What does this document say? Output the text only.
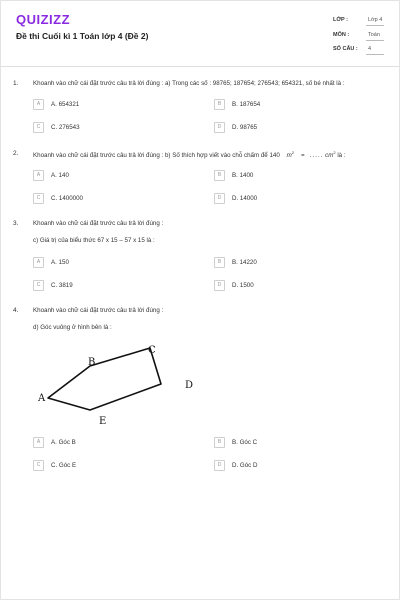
QUIZIZZ
Đề thi Cuối kì 1 Toán lớp 4 (Đề 2)
LỚP :	Lớp 4
MÔN :	Toán
SỐ CÂU : 4
1. Khoanh vào chữ cái đặt trước câu trả lời đúng : a) Trong các số : 98765; 187654; 276543; 654321, số bé nhất là :
A	A. 654321	B	B. 187654
C	C. 276543	D	D. 98765
2. Khoanh vào chữ cái đặt trước câu trả lời đúng : b) Số thích hợp viết vào chỗ chấm để 140 $m^2$ = ..... $cm^2$ là :
A	A. 140	B	B. 1400
C	C. 1400000	D	D. 14000
3. Khoanh vào chữ cái đặt trước câu trả lời đúng :
c) Giá trị của biểu thức 67 x 15 – 57 x 15 là :
A	A. 150	B	B. 14220
C	C. 3819	D	D. 1500
4. Khoanh vào chữ cái đặt trước câu trả lời đúng :
d) Góc vuông ở hình bên là :
A
B
C
D
E
A	A. Góc B	B	B. Góc C
C	C. Góc E	D	D. Góc D
